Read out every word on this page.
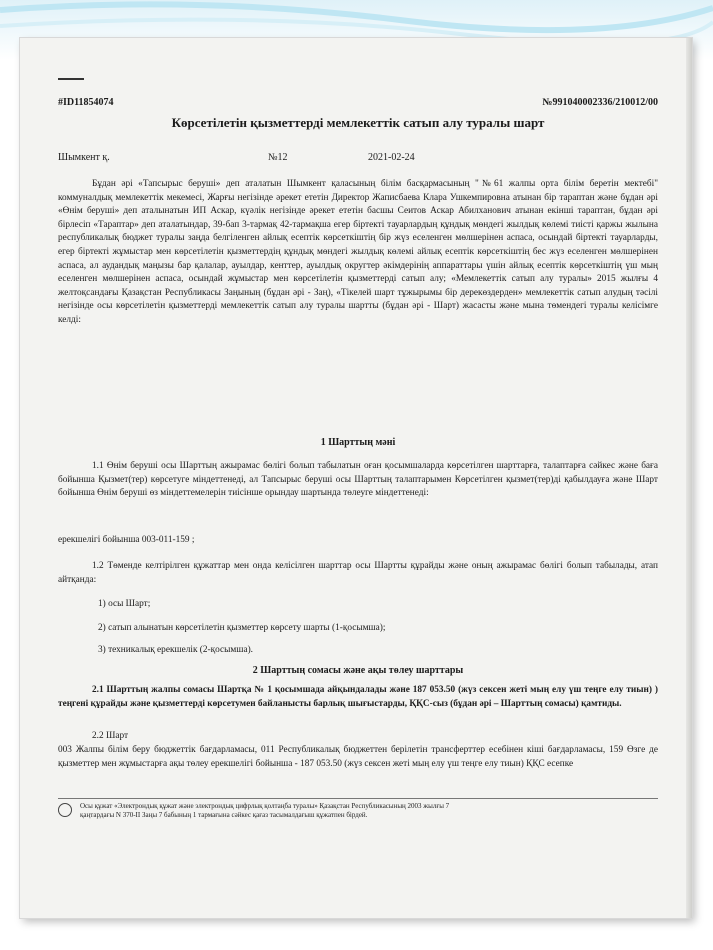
#ID11854074	№991040002336/210012/00
Көрсетілетін қызметтерді мемлекеттік сатып алу туралы шарт
Шымкент қ.	№12	2021-02-24
Бұдан әрі «Тапсырыс беруші» деп аталатын Шымкент қаласының білім басқармасының "№61 жалпы орта білім беретін мектебі" коммуналдық мемлекеттік мекемесі, Жарғы негізінде әрекет ететін Директор Жаписбаева Клара Ушкемпировна атынан бір тараптан және бұдан әрі «Өнім беруші» деп аталынатын ИП Аскар, күәлік негізінде әрекет ететін басшы Сеитов Аскар Абилханович атынан екінші тараптан, бұдан әрі бірлесіп «Тараптар» деп аталатындар, 39-бап 3-тармақ 42-тармақша егер біртекті тауарлардың құндық мөндегі жылдық көлемі тиісті қаржы жылына республикалық бюджет туралы заңда белгіленген айлық есептік көрсеткіштің бір жүз еселенген мөлшерінен аспаса, осындай біртекті тауарларды, егер біртекті жұмыстар мен көрсетілетін қызметтердің құндық мөндегі жылдық көлемі айлық есептік көрсеткіштің бес жүз еселенген мөлшерінен аспаса, ал аудандық маңызы бар қалалар, ауылдар, кенттер, ауылдық округтер әкімдерінің аппараттары үшін айлық есептік көрсеткіштің үш мың еселенген мөлшерінен аспаса, осындай жұмыстар мен көрсетілетін қызметтерді сатып алу; «Мемлекеттік сатып алу туралы» 2015 жылғы 4 желтоқсандағы Қазақстан Республикасы Заңының (бұдан әрі - Заң), «Тікелей шарт тұжырымы бір дерекөздерден» мемлекеттік сатып алудың тәсілі негізінде осы көрсетілетін қызметтерді мемлекеттік сатып алу туралы шартты (бұдан әрі - Шарт) жасасты және мына төмендегі туралы келісімге келді:
1 Шарттың мәні
1.1 Өнім беруші осы Шарттың ажырамас бөлігі болып табылатын оған қосымшаларда көрсетілген шарттарға, талаптарға сәйкес және баға бойынша Қызмет(тер) көрсетуге міндеттенеді, ал Тапсырыс беруші осы Шарттың талаптарымен Көрсетілген қызмет(тер)ді қабылдауға және Шарт бойынша Өнім беруші өз міндеттемелерін тиісінше орындау шартында төлеуге міндеттенеді:
ерекшелігі бойынша 003-011-159 ;
1.2 Төменде келтірілген құжаттар мен онда келісілген шарттар осы Шартты құрайды және оның ажырамас бөлігі болып табылады, атап айтқанда:
1) осы Шарт;
2) сатып алынатын көрсетілетін қызметтер көрсету шарты (1-қосымша);
3) техникалық ерекшелік (2-қосымша).
2 Шарттың сомасы және ақы төлеу шарттары
2.1 Шарттың жалпы сомасы Шартқа № 1 қосымшада айқындалады және 187 053.50 (жүз сексен жеті мың елу үш теңге елу тиын) ) теңгені құрайды және қызметтерді көрсетумен байланысты барлық шығыстарды, ҚҚС-сыз (бұдан әрі – Шарттың сомасы) қамтиды.
2.2 Шарт
003 Жалпы білім беру бюджеттік бағдарламасы, 011 Республикалық бюджеттен берілетін трансферттер есебінен кіші бағдарламасы, 159 Өзге де қызметтер мен жұмыстарға ақы төлеу ерекшелігі бойынша - 187 053.50 (жүз сексен жеті мың елу үш теңге елу тиын) ҚҚС есепке
Осы құжат «Электрондық құжат және электрондық цифрлық қолтаңба туралы» Қазақстан Республикасының 2003 жылғы 7 қаңтардағы N 370-II Заңы 7 бабының 1 тармағына сәйкес қағаз тасымалдағыш құжатпен бірдей.
